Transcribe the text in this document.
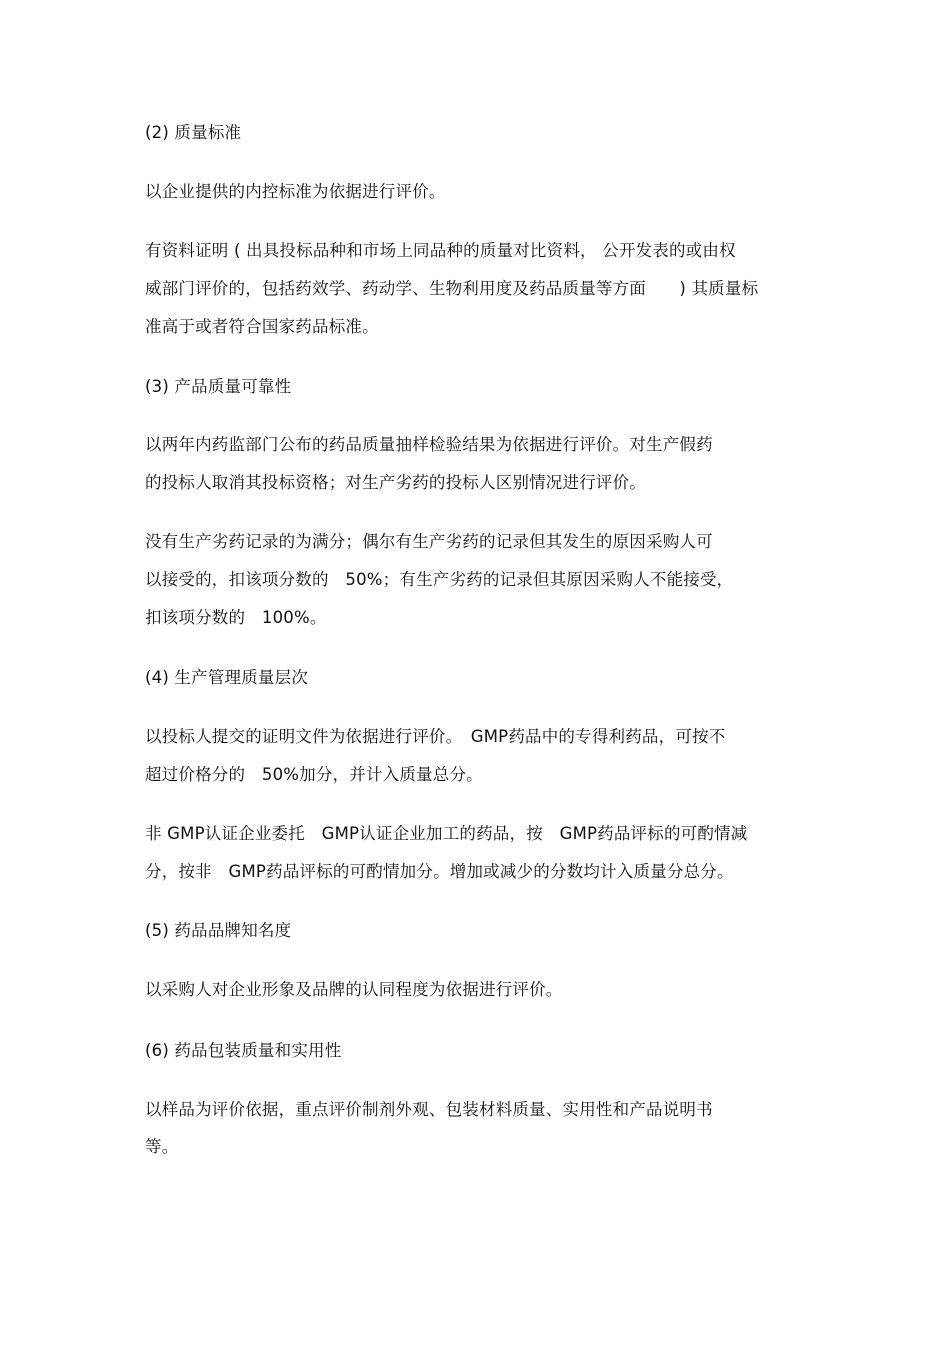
(2) 质量标准
以企业提供的内控标准为依据进行评价。
有资料证明 ( 出具投标品种和市场上同品种的质量对比资料， 公开发表的或由权
威部门评价的，包括药效学、药动学、生物利用度及药品质量等方面　　) 其质量标
准高于或者符合国家药品标准。
(3) 产品质量可靠性
以两年内药监部门公布的药品质量抽样检验结果为依据进行评价。对生产假药
的投标人取消其投标资格；对生产劣药的投标人区别情况进行评价。
没有生产劣药记录的为满分；偶尔有生产劣药的记录但其发生的原因采购人可
以接受的，扣该项分数的　50%；有生产劣药的记录但其原因采购人不能接受，
扣该项分数的　100%。
(4) 生产管理质量层次
以投标人提交的证明文件为依据进行评价。　GMP药品中的专得利药品，可按不
超过价格分的　50%加分，并计入质量总分。
非 GMP认证企业委托　GMP认证企业加工的药品，按　GMP药品评标的可酌情减
分，按非　GMP药品评标的可酌情加分。增加或减少的分数均计入质量分总分。
(5) 药品品牌知名度
以采购人对企业形象及品牌的认同程度为依据进行评价。
(6) 药品包装质量和实用性
以样品为评价依据，重点评价制剂外观、包装材料质量、实用性和产品说明书
等。
